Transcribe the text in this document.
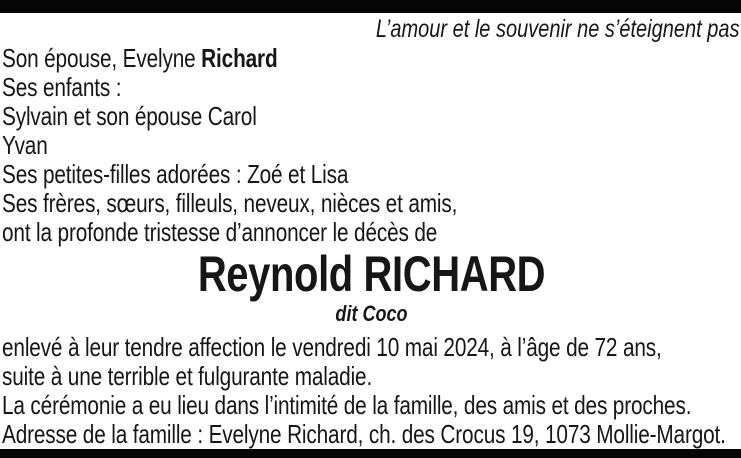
L’amour et le souvenir ne s’éteignent pas
Son épouse, Evelyne Richard
Ses enfants :
Sylvain et son épouse Carol
Yvan
Ses petites-filles adorées : Zoé et Lisa
Ses frères, sœurs, filleuls, neveux, nièces et amis,
ont la profonde tristesse d’annoncer le décès de
Reynold RICHARD
dit Coco
enlevé à leur tendre affection le vendredi 10 mai 2024, à l’âge de 72 ans,
suite à une terrible et fulgurante maladie.
La cérémonie a eu lieu dans l’intimité de la famille, des amis et des proches.
Adresse de la famille : Evelyne Richard, ch. des Crocus 19, 1073 Mollie-Margot.
